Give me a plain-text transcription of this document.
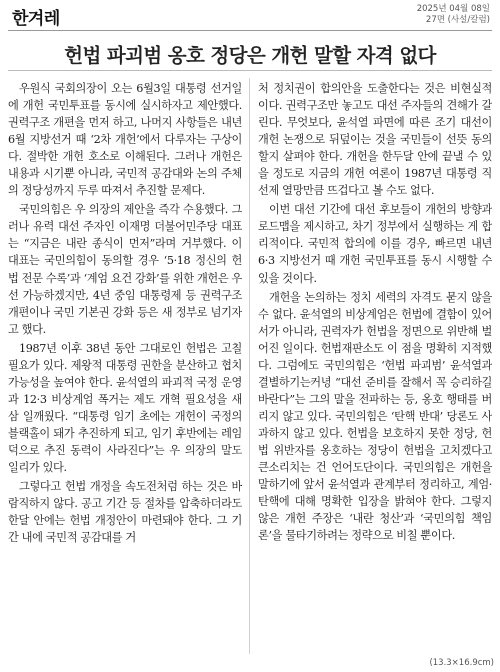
한겨레	2025년 04월 08일
27면 (사설/칼럼)
헌법 파괴범 옹호 정당은 개헌 말할 자격 없다

우원식 국회의장이 오는 6월3일 대통령 선거일에 개헌 국민투표를 동시에 실시하자고 제안했다. 권력구조 개편을 먼저 하고, 나머지 사항들은 내년 6월 지방선거 때 ‘2차 개헌’에서 다루자는 구상이다. 절박한 개헌 호소로 이해된다. 그러나 개헌은 내용과 시기뿐 아니라, 국민적 공감대와 논의 주체의 정당성까지 두루 따져서 추진할 문제다.

국민의힘은 우 의장의 제안을 즉각 수용했다. 그러나 유력 대선 주자인 이재명 더불어민주당 대표는 “지금은 내란 종식이 먼저”라며 거부했다. 이 대표는 국민의힘이 동의할 경우 ‘5·18 정신의 헌법 전문 수록’과 ‘계엄 요건 강화’를 위한 개헌은 우선 가능하겠지만, 4년 중임 대통령제 등 권력구조 개편이나 국민 기본권 강화 등은 새 정부로 넘기자고 했다.

1987년 이후 38년 동안 그대로인 헌법은 고칠 필요가 있다. 제왕적 대통령 권한을 분산하고 협치 가능성을 높여야 한다. 윤석열의 파괴적 국정 운영과 12·3 비상계엄 폭거는 제도 개혁 필요성을 새삼 일깨웠다. “대통령 임기 초에는 개헌이 국정의 블랙홀이 돼가 추진하게 되고, 임기 후반에는 레임덕으로 추진 동력이 사라진다”는 우 의장의 말도 일리가 있다.

그렇다고 헌법 개정을 속도전처럼 하는 것은 바람직하지 않다. 공고 기간 등 절차를 압축하더라도 한달 안에는 헌법 개정안이 마련돼야 한다. 그 기간 내에 국민적 공감대를 거

처 정치권이 합의안을 도출한다는 것은 비현실적이다. 권력구조만 놓고도 대선 주자들의 견해가 갈린다. 무엇보다, 윤석열 파면에 따른 조기 대선이 개헌 논쟁으로 뒤덮이는 것을 국민들이 선뜻 동의할지 살펴야 한다. 개헌을 한두달 안에 끝낼 수 있을 정도로 지금의 개헌 여론이 1987년 대통령 직선제 열망만큼 뜨겁다고 볼 수도 없다.

이번 대선 기간에 대선 후보들이 개헌의 방향과 로드맵을 제시하고, 차기 정부에서 실행하는 게 합리적이다. 국민적 합의에 이를 경우, 빠르면 내년 6·3 지방선거 때 개헌 국민투표를 동시 시행할 수 있을 것이다.

개헌을 논의하는 정치 세력의 자격도 묻지 않을 수 없다. 윤석열의 비상계엄은 헌법에 결함이 있어서가 아니라, 권력자가 헌법을 정면으로 위반해 벌어진 일이다. 헌법재판소도 이 점을 명확히 지적했다. 그럼에도 국민의힘은 ‘헌법 파괴범’ 윤석열과 결별하기는커녕 “대선 준비를 잘해서 꼭 승리하길 바란다”는 그의 말을 전파하는 등, 옹호 행태를 버리지 않고 있다. 국민의힘은 ‘탄핵 반대’ 당론도 사과하지 않고 있다. 헌법을 보호하지 못한 정당, 헌법 위반자를 옹호하는 정당이 헌법을 고치겠다고 큰소리치는 건 언어도단이다. 국민의힘은 개헌을 말하기에 앞서 윤석열과 관계부터 정리하고, 계엄·탄핵에 대해 명확한 입장을 밝혀야 한다. 그렇지 않은 개헌 주장은 ‘내란 청산’과 ‘국민의힘 책임론’을 물타기하려는 정략으로 비칠 뿐이다.

(13.3×16.9cm)
